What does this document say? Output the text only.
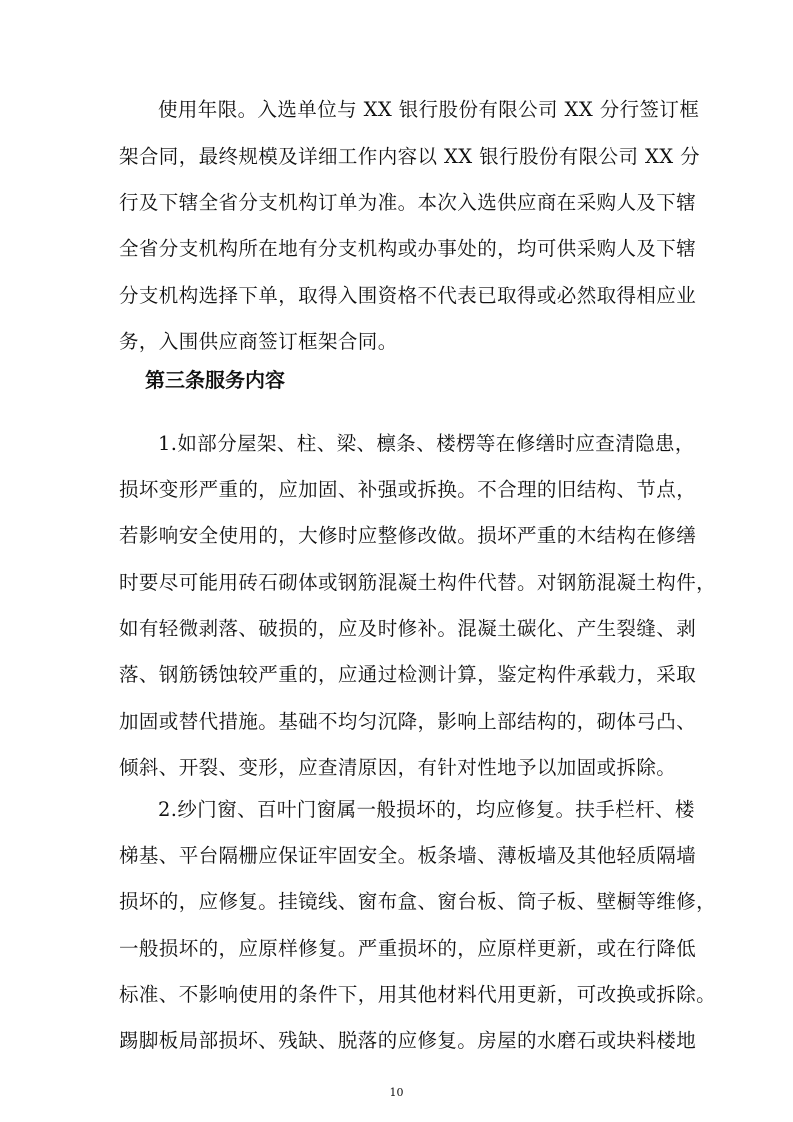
使用年限。入选单位与 XX 银行股份有限公司 XX 分行签订框
架合同，最终规模及详细工作内容以 XX 银行股份有限公司 XX 分
行及下辖全省分支机构订单为准。本次入选供应商在采购人及下辖
全省分支机构所在地有分支机构或办事处的，均可供采购人及下辖
分支机构选择下单，取得入围资格不代表已取得或必然取得相应业
务，入围供应商签订框架合同。
第三条服务内容
1.如部分屋架、柱、梁、檩条、楼楞等在修缮时应查清隐患，
损坏变形严重的，应加固、补强或拆换。不合理的旧结构、节点，
若影响安全使用的，大修时应整修改做。损坏严重的木结构在修缮
时要尽可能用砖石砌体或钢筋混凝土构件代替。对钢筋混凝土构件，
如有轻微剥落、破损的，应及时修补。混凝土碳化、产生裂缝、剥
落、钢筋锈蚀较严重的，应通过检测计算，鉴定构件承载力，采取
加固或替代措施。基础不均匀沉降，影响上部结构的，砌体弓凸、
倾斜、开裂、变形，应查清原因，有针对性地予以加固或拆除。
2.纱门窗、百叶门窗属一般损坏的，均应修复。扶手栏杆、楼
梯基、平台隔栅应保证牢固安全。板条墙、薄板墙及其他轻质隔墙
损坏的，应修复。挂镜线、窗布盒、窗台板、筒子板、壁橱等维修，
一般损坏的，应原样修复。严重损坏的，应原样更新，或在行降低
标准、不影响使用的条件下，用其他材料代用更新，可改换或拆除。
踢脚板局部损坏、残缺、脱落的应修复。房屋的水磨石或块料楼地
10
